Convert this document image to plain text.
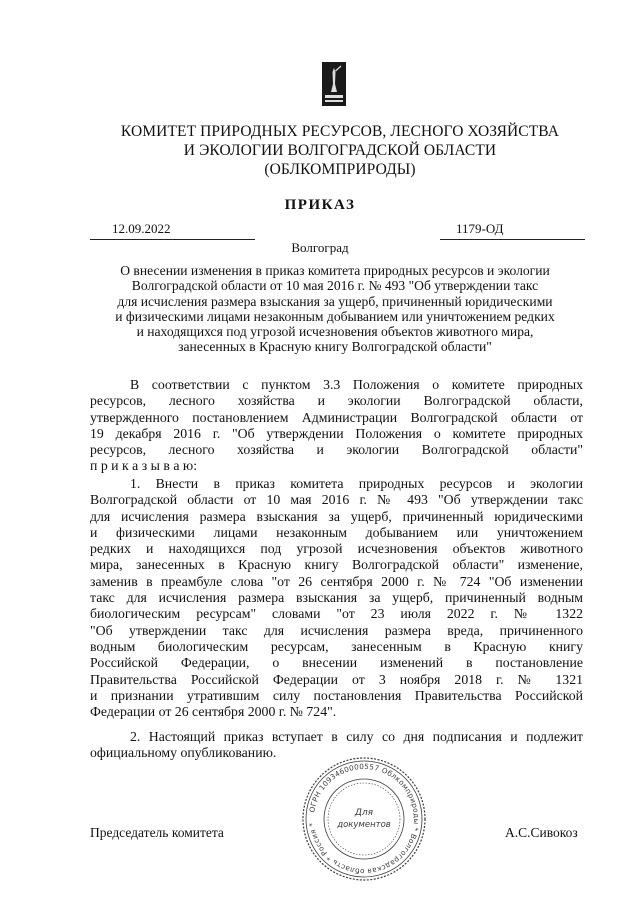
КОМИТЕТ ПРИРОДНЫХ РЕСУРСОВ, ЛЕСНОГО ХОЗЯЙСТВА
И ЭКОЛОГИИ ВОЛГОГРАДСКОЙ ОБЛАСТИ
(ОБЛКОМПРИРОДЫ)
ПРИКАЗ
12.09.2022	1179-ОД
Волгоград
О внесении изменения в приказ комитета природных ресурсов и экологии
Волгоградской области от 10 мая 2016 г. № 493 "Об утверждении такс
для исчисления размера взыскания за ущерб, причиненный юридическими
и физическими лицами незаконным добыванием или уничтожением редких
и находящихся под угрозой исчезновения объектов животного мира,
занесенных в Красную книгу Волгоградской области"
В соответствии с пунктом 3.3 Положения о комитете природных
ресурсов, лесного хозяйства и экологии Волгоградской области,
утвержденного постановлением Администрации Волгоградской области от
19 декабря 2016 г. "Об утверждении Положения о комитете природных
ресурсов, лесного хозяйства и экологии Волгоградской области"
п р и к а з ы в а ю:
1. Внести в приказ комитета природных ресурсов и экологии
Волгоградской области от 10 мая 2016 г. № 493 "Об утверждении такс
для исчисления размера взыскания за ущерб, причиненный юридическими
и физическими лицами незаконным добыванием или уничтожением
редких и находящихся под угрозой исчезновения объектов животного
мира, занесенных в Красную книгу Волгоградской области" изменение,
заменив в преамбуле слова "от 26 сентября 2000 г. № 724 "Об изменении
такс для исчисления размера взыскания за ущерб, причиненный водным
биологическим ресурсам" словами "от 23 июля 2022 г. № 1322
"Об утверждении такс для исчисления размера вреда, причиненного
водным биологическим ресурсам, занесенным в Красную книгу
Российской Федерации, о внесении изменений в постановление
Правительства Российской Федерации от 3 ноября 2018 г. № 1321
и признании утратившим силу постановления Правительства Российской
Федерации от 26 сентября 2000 г. № 724".
2. Настоящий приказ вступает в силу со дня подписания и подлежит
официальному опубликованию.
Председатель комитета	А.С.Сивокоз
ОГРН 1093460000557 Облкомприроды * Волгоградская область * Россия *
Для
документов
